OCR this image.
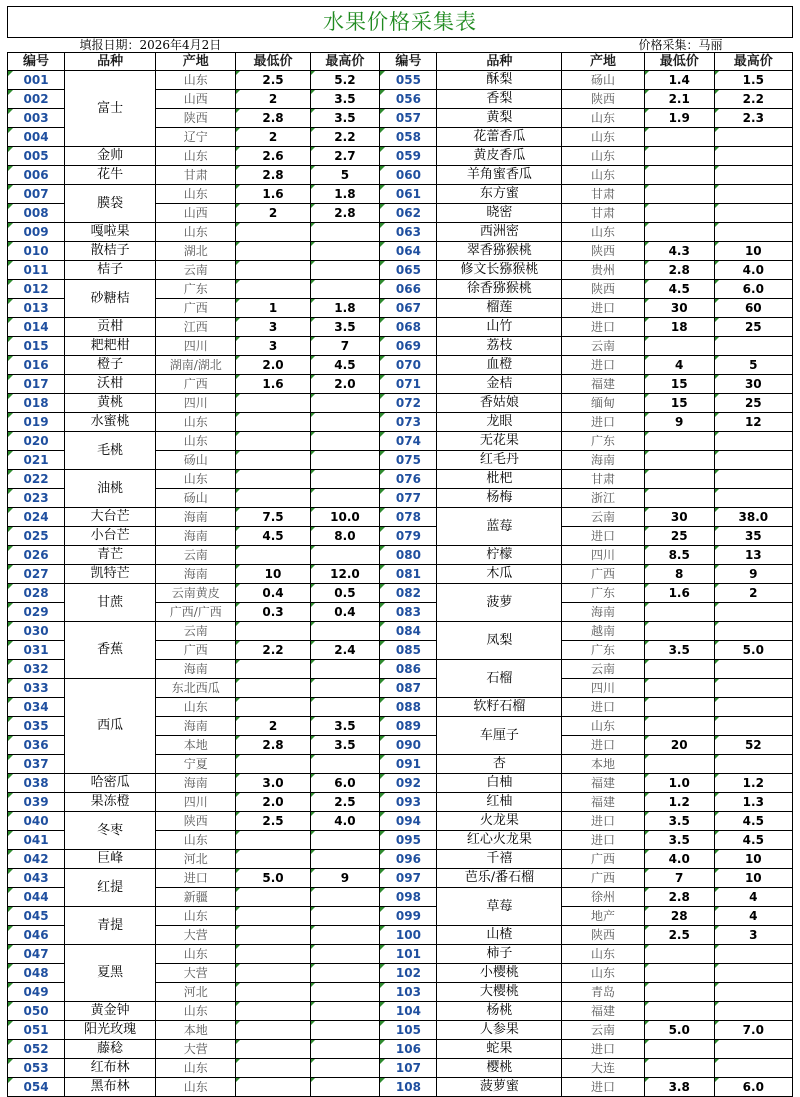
水果价格采集表									
填报日期：2026年4月2日					价格采集：马丽				
编号	品种	产地	最低价	最高价	编号	品种	产地	最低价	最高价
001	富士	山东	2.5	5.2	055	酥梨	砀山	1.4	1.5
002		山西	2	3.5	056	香梨	陕西	2.1	2.2
003		陕西	2.8	3.5	057	黄梨	山东	1.9	2.3
004		辽宁	2	2.2	058	花蕾香瓜	山东		
005	金帅	山东	2.6	2.7	059	黄皮香瓜	山东		
006	花牛	甘肃	2.8	5	060	羊角蜜香瓜	山东		
007	膜袋	山东	1.6	1.8	061	东方蜜	甘肃		
008		山西	2	2.8	062	晓密	甘肃		
009	嘎啦果	山东			063	西洲密	山东		
010	散桔子	湖北			064	翠香猕猴桃	陕西	4.3	10
011	桔子	云南			065	修文长猕猴桃	贵州	2.8	4.0
012	砂糖桔	广东			066	徐香猕猴桃	陕西	4.5	6.0
013		广西	1	1.8	067	榴莲	进口	30	60
014	贡柑	江西	3	3.5	068	山竹	进口	18	25
015	耙耙柑	四川	3	7	069	荔枝	云南		
016	橙子	湖南/湖北	2.0	4.5	070	血橙	进口	4	5
017	沃柑	广西	1.6	2.0	071	金桔	福建	15	30
018	黄桃	四川			072	香姑娘	缅甸	15	25
019	水蜜桃	山东			073	龙眼	进口	9	12
020	毛桃	山东			074	无花果	广东		
021		砀山			075	红毛丹	海南		
022	油桃	山东			076	枇杷	甘肃		
023		砀山			077	杨梅	浙江		
024	大台芒	海南	7.5	10.0	078	蓝莓	云南	30	38.0
025	小台芒	海南	4.5	8.0	079		进口	25	35
026	青芒	云南			080	柠檬	四川	8.5	13
027	凯特芒	海南	10	12.0	081	木瓜	广西	8	9
028	甘蔗	云南黄皮	0.4	0.5	082	菠萝	广东	1.6	2
029		广西/广西	0.3	0.4	083		海南		
030	香蕉	云南			084	凤梨	越南		
031		广西	2.2	2.4	085		广东	3.5	5.0
032		海南			086	石榴	云南		
033	西瓜	东北西瓜			087		四川		
034		山东			088	软籽石榴	进口		
035		海南	2	3.5	089	车厘子	山东		
036		本地	2.8	3.5	090		进口	20	52
037		宁夏			091	杏	本地		
038	哈密瓜	海南	3.0	6.0	092	白柚	福建	1.0	1.2
039	果冻橙	四川	2.0	2.5	093	红柚	福建	1.2	1.3
040	冬枣	陕西	2.5	4.0	094	火龙果	进口	3.5	4.5
041		山东			095	红心火龙果	进口	3.5	4.5
042	巨峰	河北			096	千禧	广西	4.0	10
043	红提	进口	5.0	9	097	芭乐/番石榴	广西	7	10
044		新疆			098	草莓	徐州	2.8	4
045	青提	山东			099		地产	28	4
046		大营			100	山楂	陕西	2.5	3
047	夏黑	山东			101	柿子	山东		
048		大营			102	小樱桃	山东		
049		河北			103	大樱桃	青岛		
050	黄金钟	山东			104	杨桃	福建		
051	阳光玫瑰	本地			105	人参果	云南	5.0	7.0
052	藤稔	大营			106	蛇果	进口		
053	红布林	山东			107	樱桃	大连		
054	黑布林	山东			108	菠萝蜜	进口	3.8	6.0
